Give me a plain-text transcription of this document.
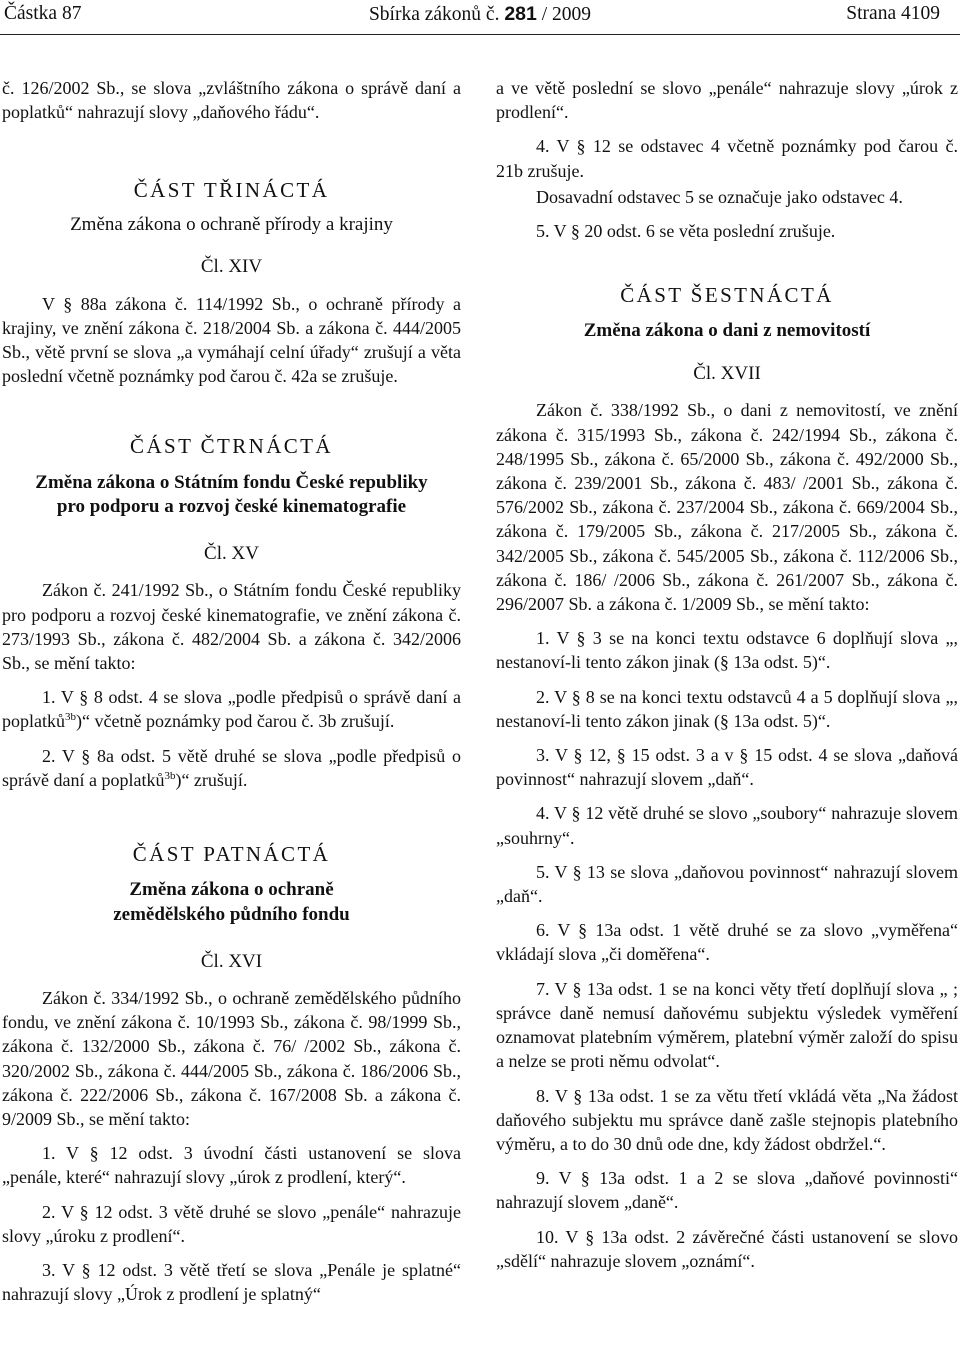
Částka 87	Sbírka zákonů č. 281 / 2009	Strana 4109

č. 126/2002 Sb., se slova „zvláštního zákona o správě daní a poplatků“ nahrazují slovy „daňového řádu“.

ČÁST TŘINÁCTÁ

Změna zákona o ochraně přírody a krajiny

Čl. XIV

V § 88a zákona č. 114/1992 Sb., o ochraně přírody a krajiny, ve znění zákona č. 218/2004 Sb. a zákona č. 444/2005 Sb., větě první se slova „a vymáhají celní úřady“ zrušují a věta poslední včetně poznámky pod čarou č. 42a se zrušuje.

ČÁST ČTRNÁCTÁ

Změna zákona o Státním fondu České republiky

pro podporu a rozvoj české kinematografie

Čl. XV

Zákon č. 241/1992 Sb., o Státním fondu České republiky pro podporu a rozvoj české kinematografie, ve znění zákona č. 273/1993 Sb., zákona č. 482/2004 Sb. a zákona č. 342/2006 Sb., se mění takto:

1. V § 8 odst. 4 se slova „podle předpisů o správě daní a poplatků$^{3b}$)“ včetně poznámky pod čarou č. 3b zrušují.

2. V § 8a odst. 5 větě druhé se slova „podle předpisů o správě daní a poplatků$^{3b}$)“ zrušují.

ČÁST PATNÁCTÁ

Změna zákona o ochraně

zemědělského půdního fondu

Čl. XVI

Zákon č. 334/1992 Sb., o ochraně zemědělského půdního fondu, ve znění zákona č. 10/1993 Sb., zákona č. 98/1999 Sb., zákona č. 132/2000 Sb., zákona č. 76/ /2002 Sb., zákona č. 320/2002 Sb., zákona č. 444/2005 Sb., zákona č. 186/2006 Sb., zákona č. 222/2006 Sb., zákona č. 167/2008 Sb. a zákona č. 9/2009 Sb., se mění takto:

1. V § 12 odst. 3 úvodní části ustanovení se slova „penále, které“ nahrazují slovy „úrok z prodlení, který“.

2. V § 12 odst. 3 větě druhé se slovo „penále“ nahrazuje slovy „úroku z prodlení“.

3. V § 12 odst. 3 větě třetí se slova „Penále je splatné“ nahrazují slovy „Úrok z prodlení je splatný“

a ve větě poslední se slovo „penále“ nahrazuje slovy „úrok z prodlení“.

4. V § 12 se odstavec 4 včetně poznámky pod čarou č. 21b zrušuje.

Dosavadní odstavec 5 se označuje jako odstavec 4.

5. V § 20 odst. 6 se věta poslední zrušuje.

ČÁST ŠESTNÁCTÁ

Změna zákona o dani z nemovitostí

Čl. XVII

Zákon č. 338/1992 Sb., o dani z nemovitostí, ve znění zákona č. 315/1993 Sb., zákona č. 242/1994 Sb., zákona č. 248/1995 Sb., zákona č. 65/2000 Sb., zákona č. 492/2000 Sb., zákona č. 239/2001 Sb., zákona č. 483/ /2001 Sb., zákona č. 576/2002 Sb., zákona č. 237/2004 Sb., zákona č. 669/2004 Sb., zákona č. 179/2005 Sb., zákona č. 217/2005 Sb., zákona č. 342/2005 Sb., zákona č. 545/2005 Sb., zákona č. 112/2006 Sb., zákona č. 186/ /2006 Sb., zákona č. 261/2007 Sb., zákona č. 296/2007 Sb. a zákona č. 1/2009 Sb., se mění takto:

1. V § 3 se na konci textu odstavce 6 doplňují slova „, nestanoví-li tento zákon jinak (§ 13a odst. 5)“.

2. V § 8 se na konci textu odstavců 4 a 5 doplňují slova „, nestanoví-li tento zákon jinak (§ 13a odst. 5)“.

3. V § 12, § 15 odst. 3 a v § 15 odst. 4 se slova „daňová povinnost“ nahrazují slovem „daň“.

4. V § 12 větě druhé se slovo „soubory“ nahrazuje slovem „souhrny“.

5. V § 13 se slova „daňovou povinnost“ nahrazují slovem „daň“.

6. V § 13a odst. 1 větě druhé se za slovo „vyměřena“ vkládají slova „či doměřena“.

7. V § 13a odst. 1 se na konci věty třetí doplňují slova „ ; správce daně nemusí daňovému subjektu výsledek vyměření oznamovat platebním výměrem, platební výměr založí do spisu a nelze se proti němu odvolat“.

8. V § 13a odst. 1 se za větu třetí vkládá věta „Na žádost daňového subjektu mu správce daně zašle stejnopis platebního výměru, a to do 30 dnů ode dne, kdy žádost obdržel.“.

9. V § 13a odst. 1 a 2 se slova „daňové povinnosti“ nahrazují slovem „daně“.

10. V § 13a odst. 2 závěrečné části ustanovení se slovo „sdělí“ nahrazuje slovem „oznámí“.
